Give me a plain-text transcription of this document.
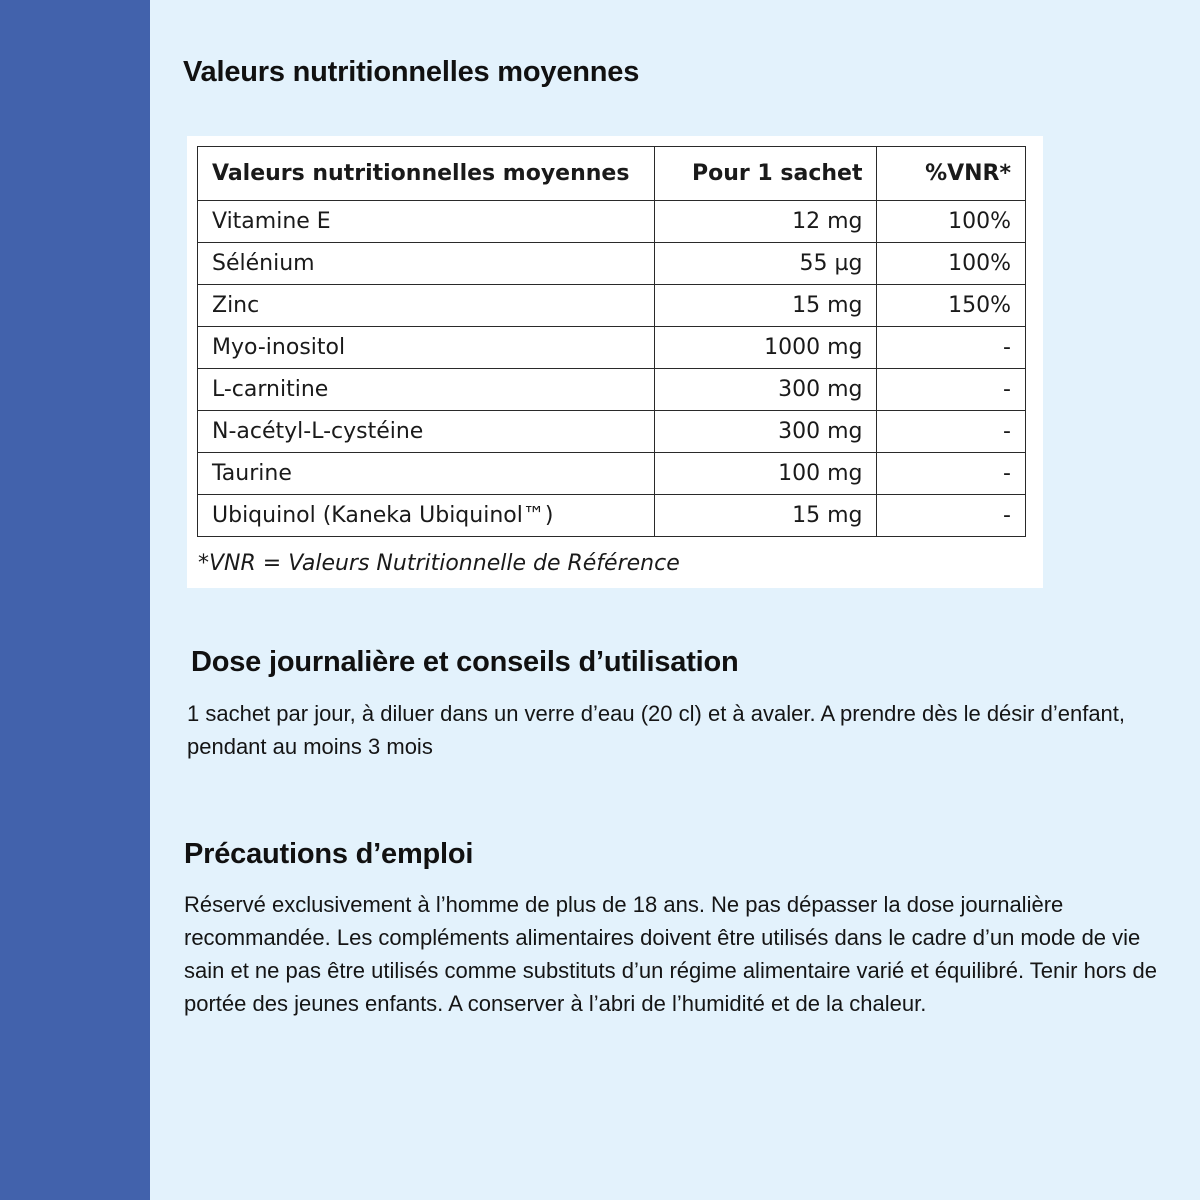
Valeurs nutritionnelles moyennes
Valeurs nutritionnelles moyennes	Pour 1 sachet	%VNR*
Vitamine E	12 mg	100%
Sélénium	55 µg	100%
Zinc	15 mg	150%
Myo-inositol	1000 mg	-
L-carnitine	300 mg	-
N-acétyl-L-cystéine	300 mg	-
Taurine	100 mg	-
Ubiquinol (Kaneka Ubiquinol™)	15 mg	-
*VNR = Valeurs Nutritionnelle de Référence
Dose journalière et conseils d’utilisation

1 sachet par jour, à diluer dans un verre d’eau (20 cl) et à avaler. A prendre dès le désir d’enfant, pendant au moins 3 mois

Précautions d’emploi

Réservé exclusivement à l’homme de plus de 18 ans. Ne pas dépasser la dose journalière recommandée. Les compléments alimentaires doivent être utilisés dans le cadre d’un mode de vie sain et ne pas être utilisés comme substituts d’un régime alimentaire varié et équilibré. Tenir hors de portée des jeunes enfants. A conserver à l’abri de l’humidité et de la chaleur.
